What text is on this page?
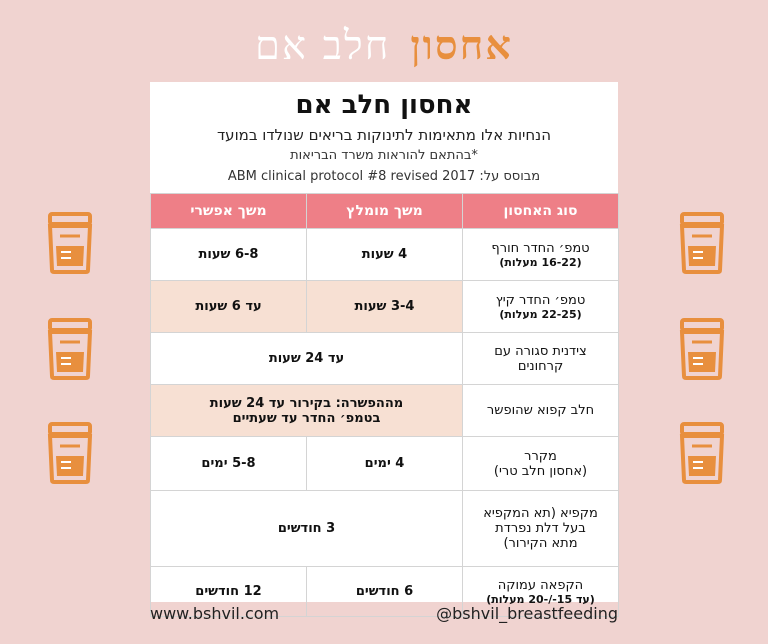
אחסוןחלב אם
אחסון חלב אם
הנחיות אלו מתאימות לתינוקות בריאים שנולדו במועד
*בהתאם להוראות משרד הבריאות
ABM clinical protocol #8 revised 2017 מבוסס על:
סוג האחסון	משך מומלץ	משך אפשרי

טמפ׳ החדר חורף
(16-22 מעלות)	4 שעות	6-8 שעות

טמפ׳ החדר קיץ
(22-25 מעלות)	3-4 שעות	עד 6 שעות

צידנית סגורה עם
קרחונים	עד 24 שעות	
חלב קפוא שהופשר	מההפשרה: בקירור עד 24 שעות
בטמפ׳ החדר עד שעתיים	

מקרר
(אחסון חלב טרי)	4 ימים	5-8 ימים

מקפיא (תא המקפיא
בעל דלת נפרדת
מתא הקירור)	3 חודשים	

הקפאה עמוקה
(עד 15-/-20 מעלות)	6 חודשים	12 חודשים
www.bshvil.com	@bshvil_breastfeeding
